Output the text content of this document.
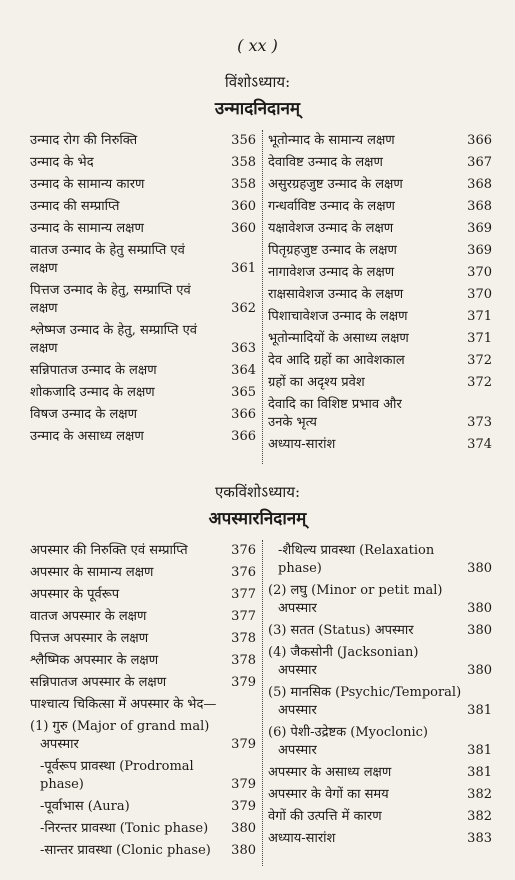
( xx )
विंशोऽध्याय:
उन्मादनिदानम्
उन्माद रोग की निरुक्ति	356
उन्माद के भेद	358
उन्माद के सामान्य कारण	358
उन्माद की सम्प्राप्ति	360
उन्माद के सामान्य लक्षण	360
वातज उन्माद के हेतु सम्प्राप्ति एवं
लक्षण	361
पित्तज उन्माद के हेतु, सम्प्राप्ति एवं
लक्षण	362
श्लेष्मज उन्माद के हेतु, सम्प्राप्ति एवं
लक्षण	363
सन्निपातज उन्माद के लक्षण	364
शोकजादि उन्माद के लक्षण	365
विषज उन्माद के लक्षण	366
उन्माद के असाध्य लक्षण	366
भूतोन्माद के सामान्य लक्षण	366
देवाविष्ट उन्माद के लक्षण	367
असुरग्रहजुष्ट उन्माद के लक्षण	368
गन्धर्वाविष्ट उन्माद के लक्षण	368
यक्षावेशज उन्माद के लक्षण	369
पितृग्रहजुष्ट उन्माद के लक्षण	369
नागावेशज उन्माद के लक्षण	370
राक्षसावेशज उन्माद के लक्षण	370
पिशाचावेशज उन्माद के लक्षण	371
भूतोन्मादियों के असाध्य लक्षण	371
देव आदि ग्रहों का आवेशकाल	372
ग्रहों का अदृश्य प्रवेश	372
देवादि का विशिष्ट प्रभाव और
उनके भृत्य	373
अध्याय-सारांश	374
एकविंशोऽध्याय:
अपस्मारनिदानम्
अपस्मार की निरुक्ति एवं सम्प्राप्ति	376
अपस्मार के सामान्य लक्षण	376
अपस्मार के पूर्वरूप	377
वातज अपस्मार के लक्षण	377
पित्तज अपस्मार के लक्षण	378
श्लैष्मिक अपस्मार के लक्षण	378
सन्निपातज अपस्मार के लक्षण	379
पाश्चात्य चिकित्सा में अपस्मार के भेद—
(1) गुरु (Major of grand mal)
अपस्मार	379
-पूर्वरूप प्रावस्था (Prodromal
phase)	379
-पूर्वाभास (Aura)	379
-निरन्तर प्रावस्था (Tonic phase)	380
-सान्तर प्रावस्था (Clonic phase)	380
-शैथिल्य प्रावस्था (Relaxation
phase)	380
(2) लघु (Minor or petit mal)
अपस्मार	380
(3) सतत (Status) अपस्मार	380
(4) जैकसोनी (Jacksonian)
अपस्मार	380
(5) मानसिक (Psychic/Temporal)
अपस्मार	381
(6) पेशी-उद्रेष्टक (Myoclonic)
अपस्मार	381
अपस्मार के असाध्य लक्षण	381
अपस्मार के वेगों का समय	382
वेगों की उत्पत्ति में कारण	382
अध्याय-सारांश	383
